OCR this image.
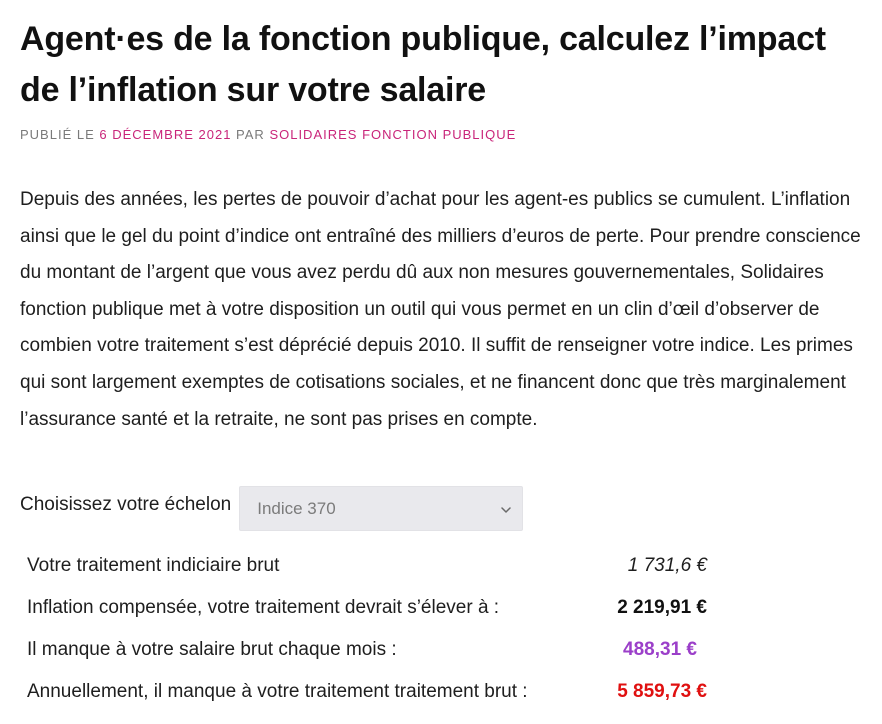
Agent·es de la fonction publique, calculez l’impact de l’inflation sur votre salaire
PUBLIÉ LE 6 DÉCEMBRE 2021 PAR SOLIDAIRES FONCTION PUBLIQUE

Depuis des années, les pertes de pouvoir d’achat pour les agent-es publics se cumulent. L’inflation ainsi que le gel du point d’indice ont entraîné des milliers d’euros de perte. Pour prendre conscience du montant de l’argent que vous avez perdu dû aux non mesures gouvernementales, Solidaires fonction publique met à votre disposition un outil qui vous permet en un clin d’œil d’observer de combien votre traitement s’est déprécié depuis 2010. Il suffit de renseigner votre indice. Les primes qui sont largement exemptes de cotisations sociales, et ne financent donc que très marginalement l’assurance santé et la retraite, ne sont pas prises en compte.

Choisissez votre échelon Indice 370
Votre traitement indiciaire brut	1 731,6 €
Inflation compensée, votre traitement devrait s’élever à :	2 219,91 €
Il manque à votre salaire brut chaque mois :	488,31 €
Annuellement, il manque à votre traitement traitement brut :	5 859,73 €
